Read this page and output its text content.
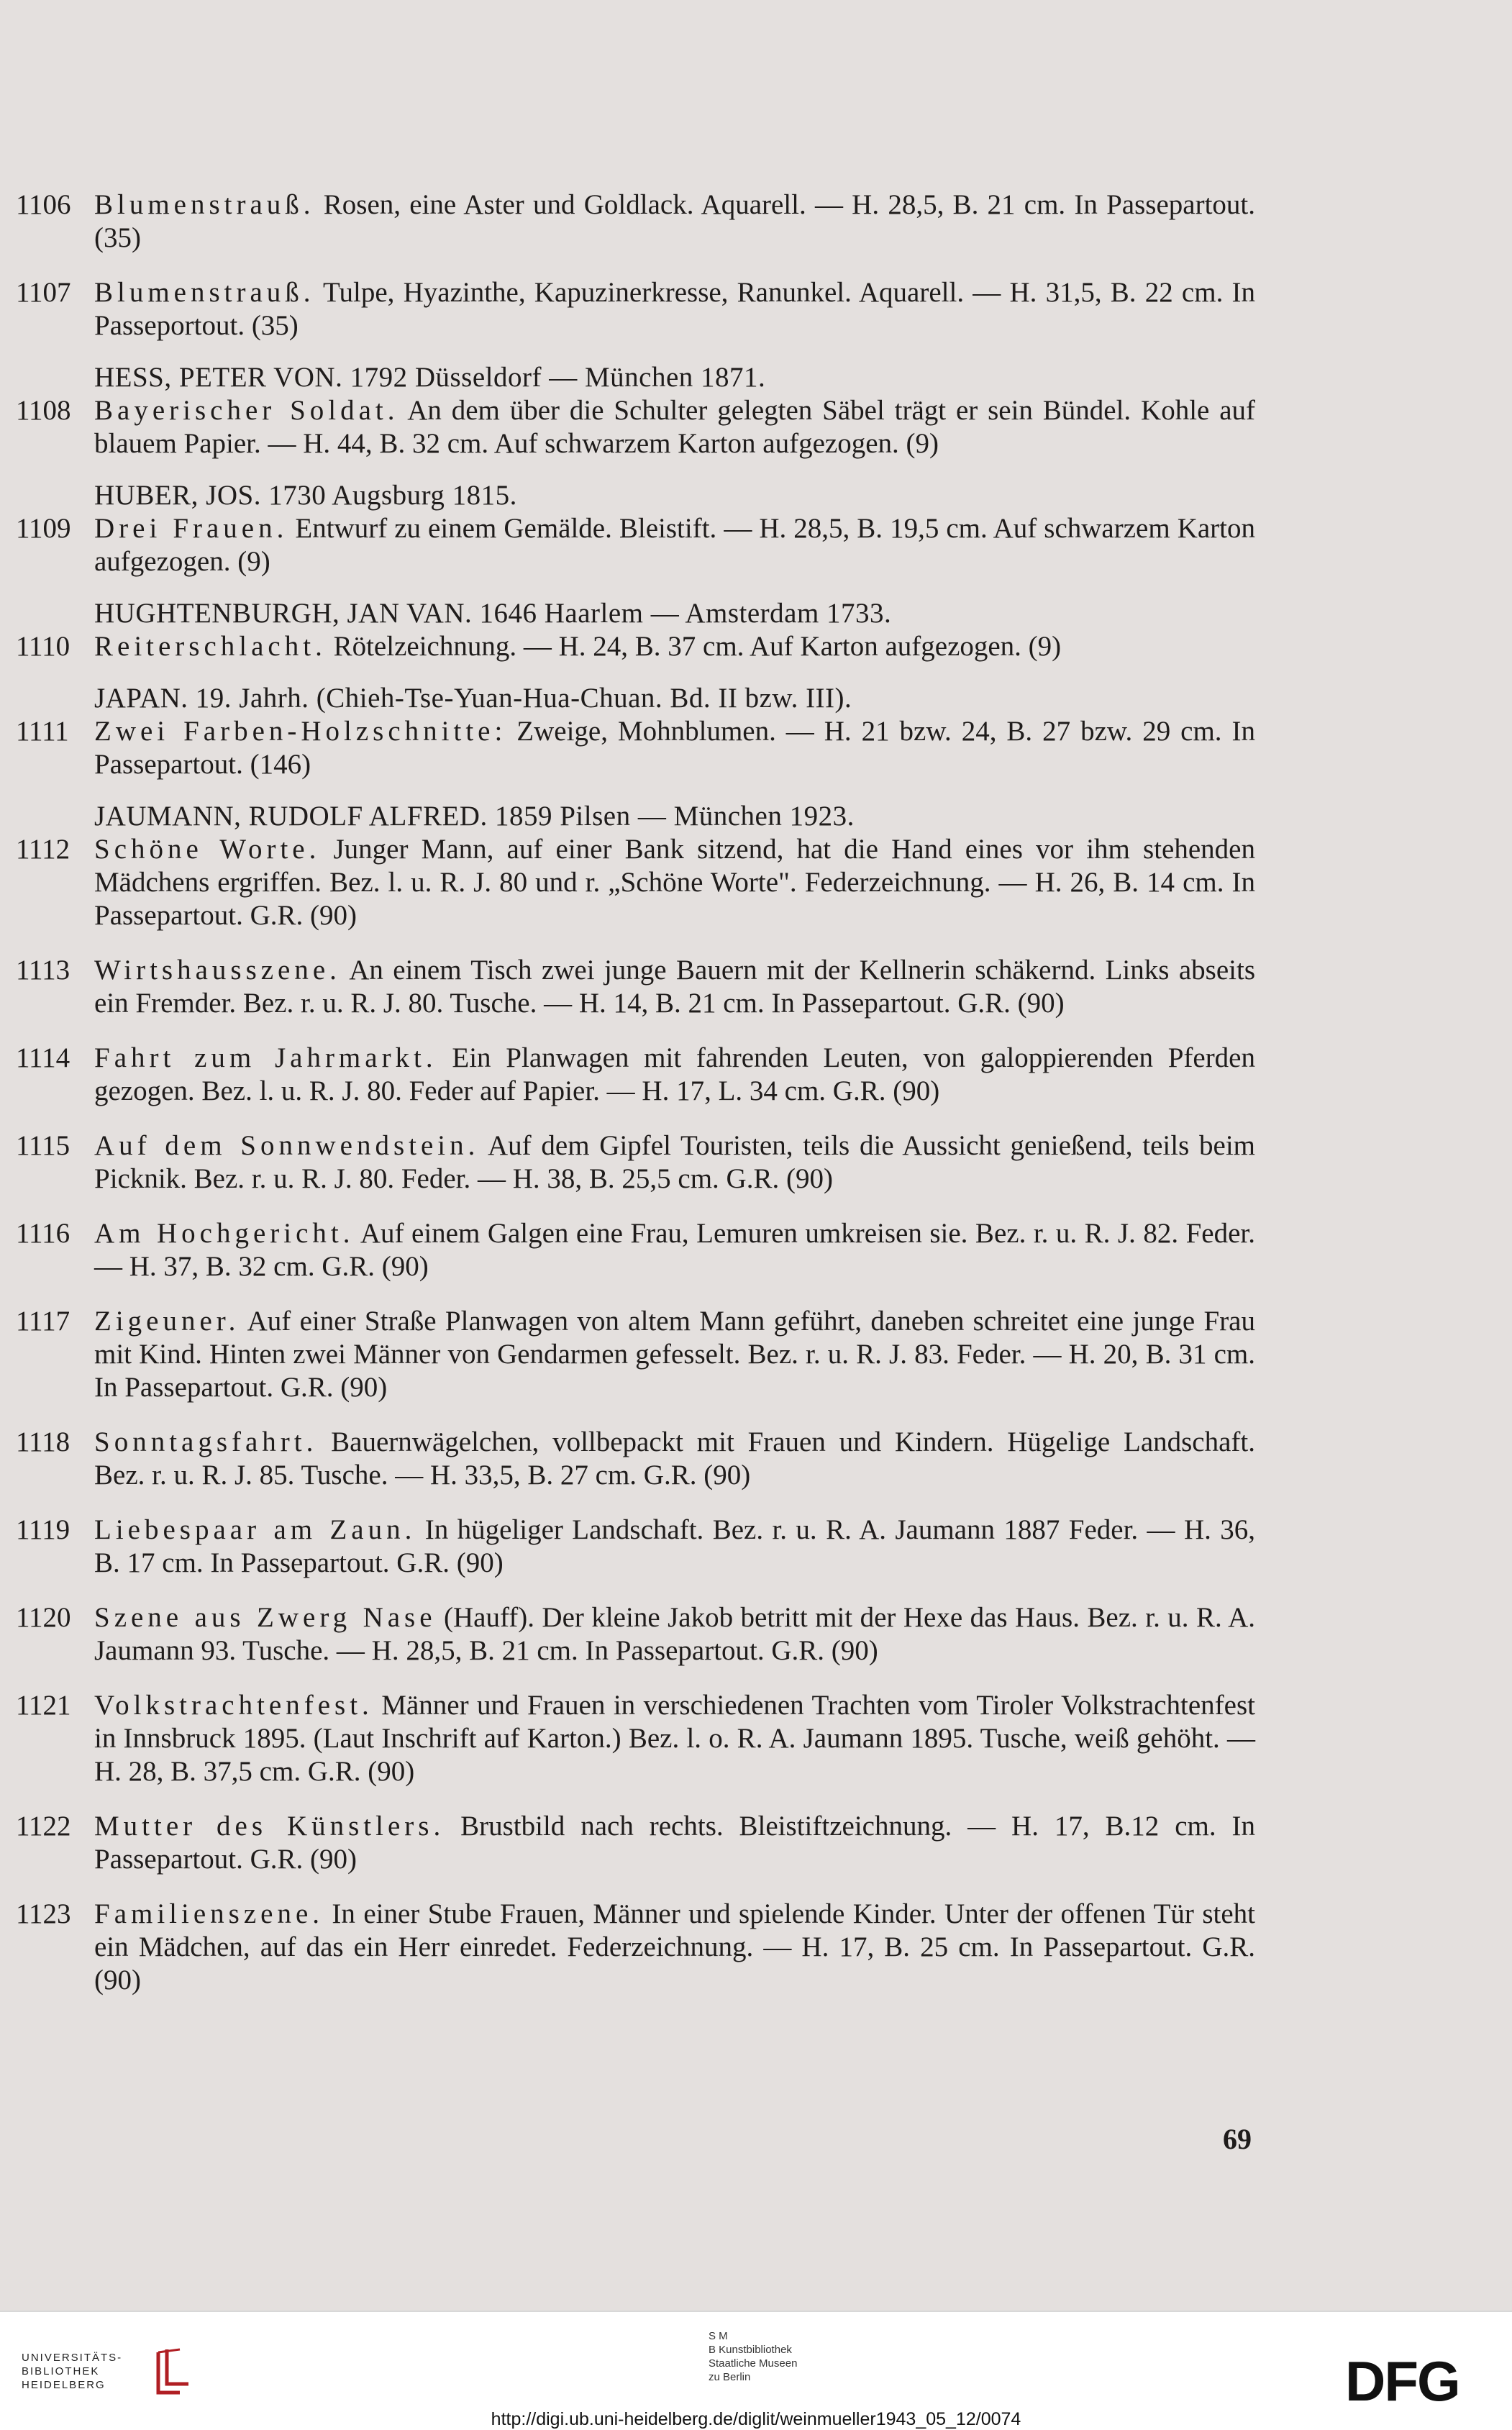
1106 Blumenstrauß. Rosen, eine Aster und Goldlack. Aquarell. — H. 28,5, B. 21 cm. In Passepartout. (35)
1107 Blumenstrauß. Tulpe, Hyazinthe, Kapuzinerkresse, Ranunkel. Aquarell. — H. 31,5, B. 22 cm. In Passeportout. (35)
HESS, PETER VON. 1792 Düsseldorf — München 1871.
1108 Bayerischer Soldat. An dem über die Schulter gelegten Säbel trägt er sein Bündel. Kohle auf blauem Papier. — H. 44, B. 32 cm. Auf schwarzem Karton aufgezogen. (9)
HUBER, JOS. 1730 Augsburg 1815.
1109 Drei Frauen. Entwurf zu einem Gemälde. Bleistift. — H. 28,5, B. 19,5 cm. Auf schwarzem Karton aufgezogen. (9)
HUGHTENBURGH, JAN VAN. 1646 Haarlem — Amsterdam 1733.
1110 Reiterschlacht. Rötelzeichnung. — H. 24, B. 37 cm. Auf Karton aufgezogen. (9)
JAPAN. 19. Jahrh. (Chieh-Tse-Yuan-Hua-Chuan. Bd. II bzw. III).
1111 Zwei Farben-Holzschnitte: Zweige, Mohnblumen. — H. 21 bzw. 24, B. 27 bzw. 29 cm. In Passepartout. (146)
JAUMANN, RUDOLF ALFRED. 1859 Pilsen — München 1923.
1112 Schöne Worte. Junger Mann, auf einer Bank sitzend, hat die Hand eines vor ihm stehenden Mädchens ergriffen. Bez. l. u. R. J. 80 und r. „Schöne Worte". Federzeichnung. — H. 26, B. 14 cm. In Passepartout. G.R. (90)
1113 Wirtshausszene. An einem Tisch zwei junge Bauern mit der Kellnerin schäkernd. Links abseits ein Fremder. Bez. r. u. R. J. 80. Tusche. — H. 14, B. 21 cm. In Passepartout. G.R. (90)
1114 Fahrt zum Jahrmarkt. Ein Planwagen mit fahrenden Leuten, von galoppierenden Pferden gezogen. Bez. l. u. R. J. 80. Feder auf Papier. — H. 17, L. 34 cm. G.R. (90)
1115 Auf dem Sonnwendstein. Auf dem Gipfel Touristen, teils die Aussicht genießend, teils beim Picknik. Bez. r. u. R. J. 80. Feder. — H. 38, B. 25,5 cm. G.R. (90)
1116 Am Hochgericht. Auf einem Galgen eine Frau, Lemuren umkreisen sie. Bez. r. u. R. J. 82. Feder. — H. 37, B. 32 cm. G.R. (90)
1117 Zigeuner. Auf einer Straße Planwagen von altem Mann geführt, daneben schreitet eine junge Frau mit Kind. Hinten zwei Männer von Gendarmen gefesselt. Bez. r. u. R. J. 83. Feder. — H. 20, B. 31 cm. In Passepartout. G.R. (90)
1118 Sonntagsfahrt. Bauernwägelchen, vollbepackt mit Frauen und Kindern. Hügelige Landschaft. Bez. r. u. R. J. 85. Tusche. — H. 33,5, B. 27 cm. G.R. (90)
1119 Liebespaar am Zaun. In hügeliger Landschaft. Bez. r. u. R. A. Jaumann 1887 Feder. — H. 36, B. 17 cm. In Passepartout. G.R. (90)
1120 Szene aus Zwerg Nase (Hauff). Der kleine Jakob betritt mit der Hexe das Haus. Bez. r. u. R. A. Jaumann 93. Tusche. — H. 28,5, B. 21 cm. In Passepartout. G.R. (90)
1121 Volkstrachtenfest. Männer und Frauen in verschiedenen Trachten vom Tiroler Volkstrachtenfest in Innsbruck 1895. (Laut Inschrift auf Karton.) Bez. l. o. R. A. Jaumann 1895. Tusche, weiß gehöht. — H. 28, B. 37,5 cm. G.R. (90)
1122 Mutter des Künstlers. Brustbild nach rechts. Bleistiftzeichnung. — H. 17, B.12 cm. In Passepartout. G.R. (90)
1123 Familienszene. In einer Stube Frauen, Männer und spielende Kinder. Unter der offenen Tür steht ein Mädchen, auf das ein Herr einredet. Federzeichnung. — H. 17, B. 25 cm. In Passepartout. G.R. (90)
69
UNIVERSITÄTS-
BIBLIOTHEK
HEIDELBERG
S M
B Kunstbibliothek
Staatliche Museen
zu Berlin	DFG
http://digi.ub.uni-heidelberg.de/diglit/weinmueller1943_05_12/0074
